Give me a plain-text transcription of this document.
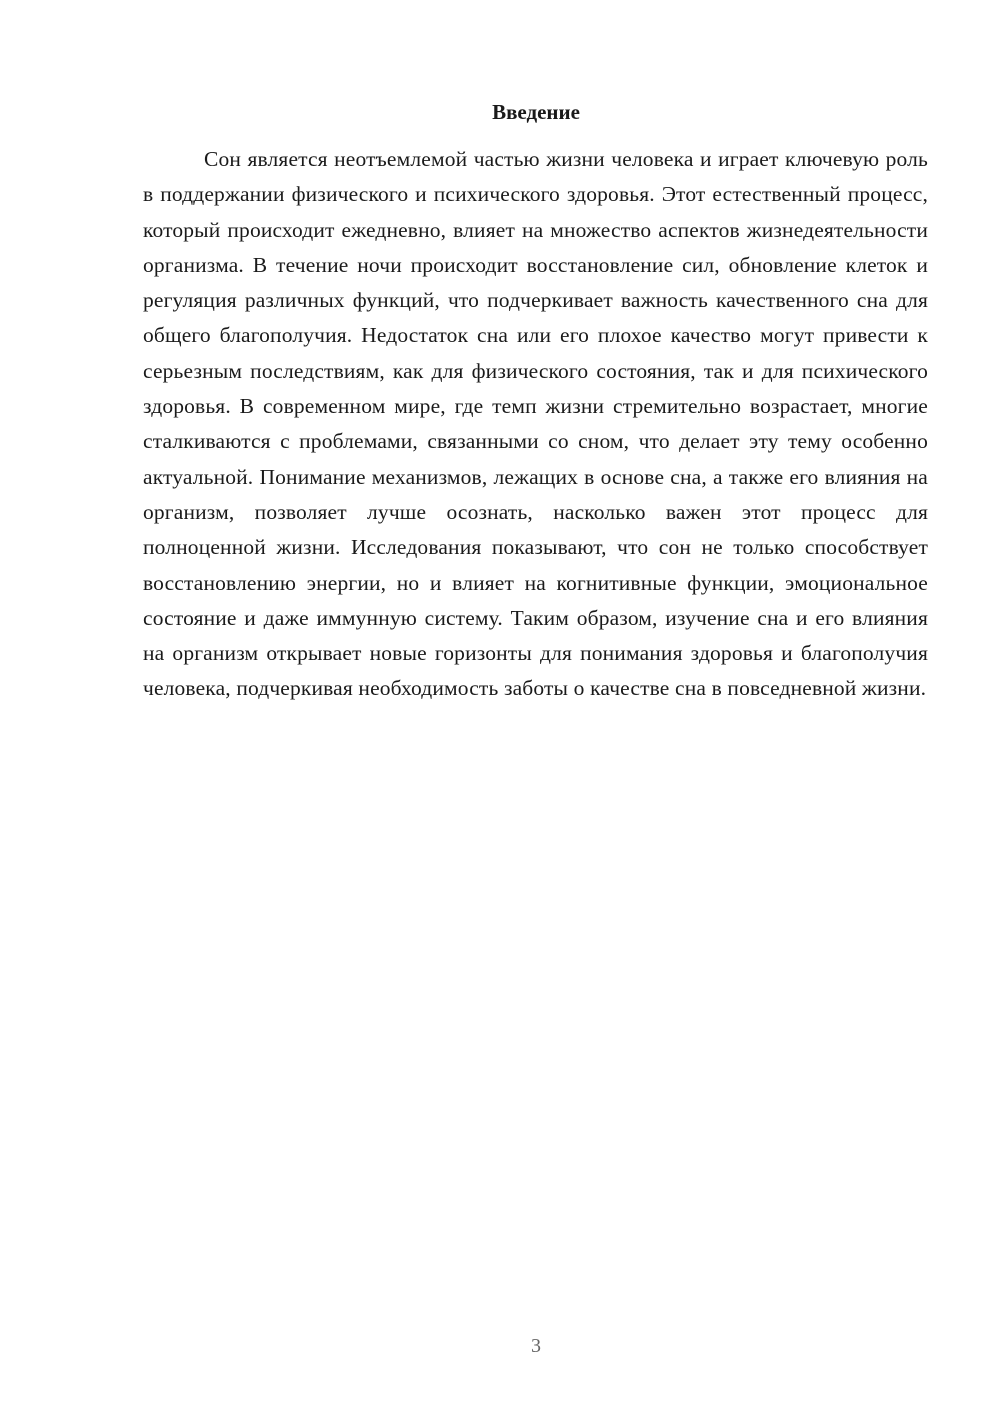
Введение

Сон является неотъемлемой частью жизни человека и играет ключевую роль в поддержании физического и психического здоровья. Этот естественный процесс, который происходит ежедневно, влияет на множество аспектов жизнедеятельности организма. В течение ночи происходит восстановление сил, обновление клеток и регуляция различных функций, что подчеркивает важность качественного сна для общего благополучия. Недостаток сна или его плохое качество могут привести к серьезным последствиям, как для физического состояния, так и для психического здоровья. В современном мире, где темп жизни стремительно возрастает, многие сталкиваются с проблемами, связанными со сном, что делает эту тему особенно актуальной. Понимание механизмов, лежащих в основе сна, а также его влияния на организм, позволяет лучше осознать, насколько важен этот процесс для полноценной жизни. Исследования показывают, что сон не только способствует восстановлению энергии, но и влияет на когнитивные функции, эмоциональное состояние и даже иммунную систему. Таким образом, изучение сна и его влияния на организм открывает новые горизонты для понимания здоровья и благополучия человека, подчеркивая необходимость заботы о качестве сна в повседневной жизни.

3
